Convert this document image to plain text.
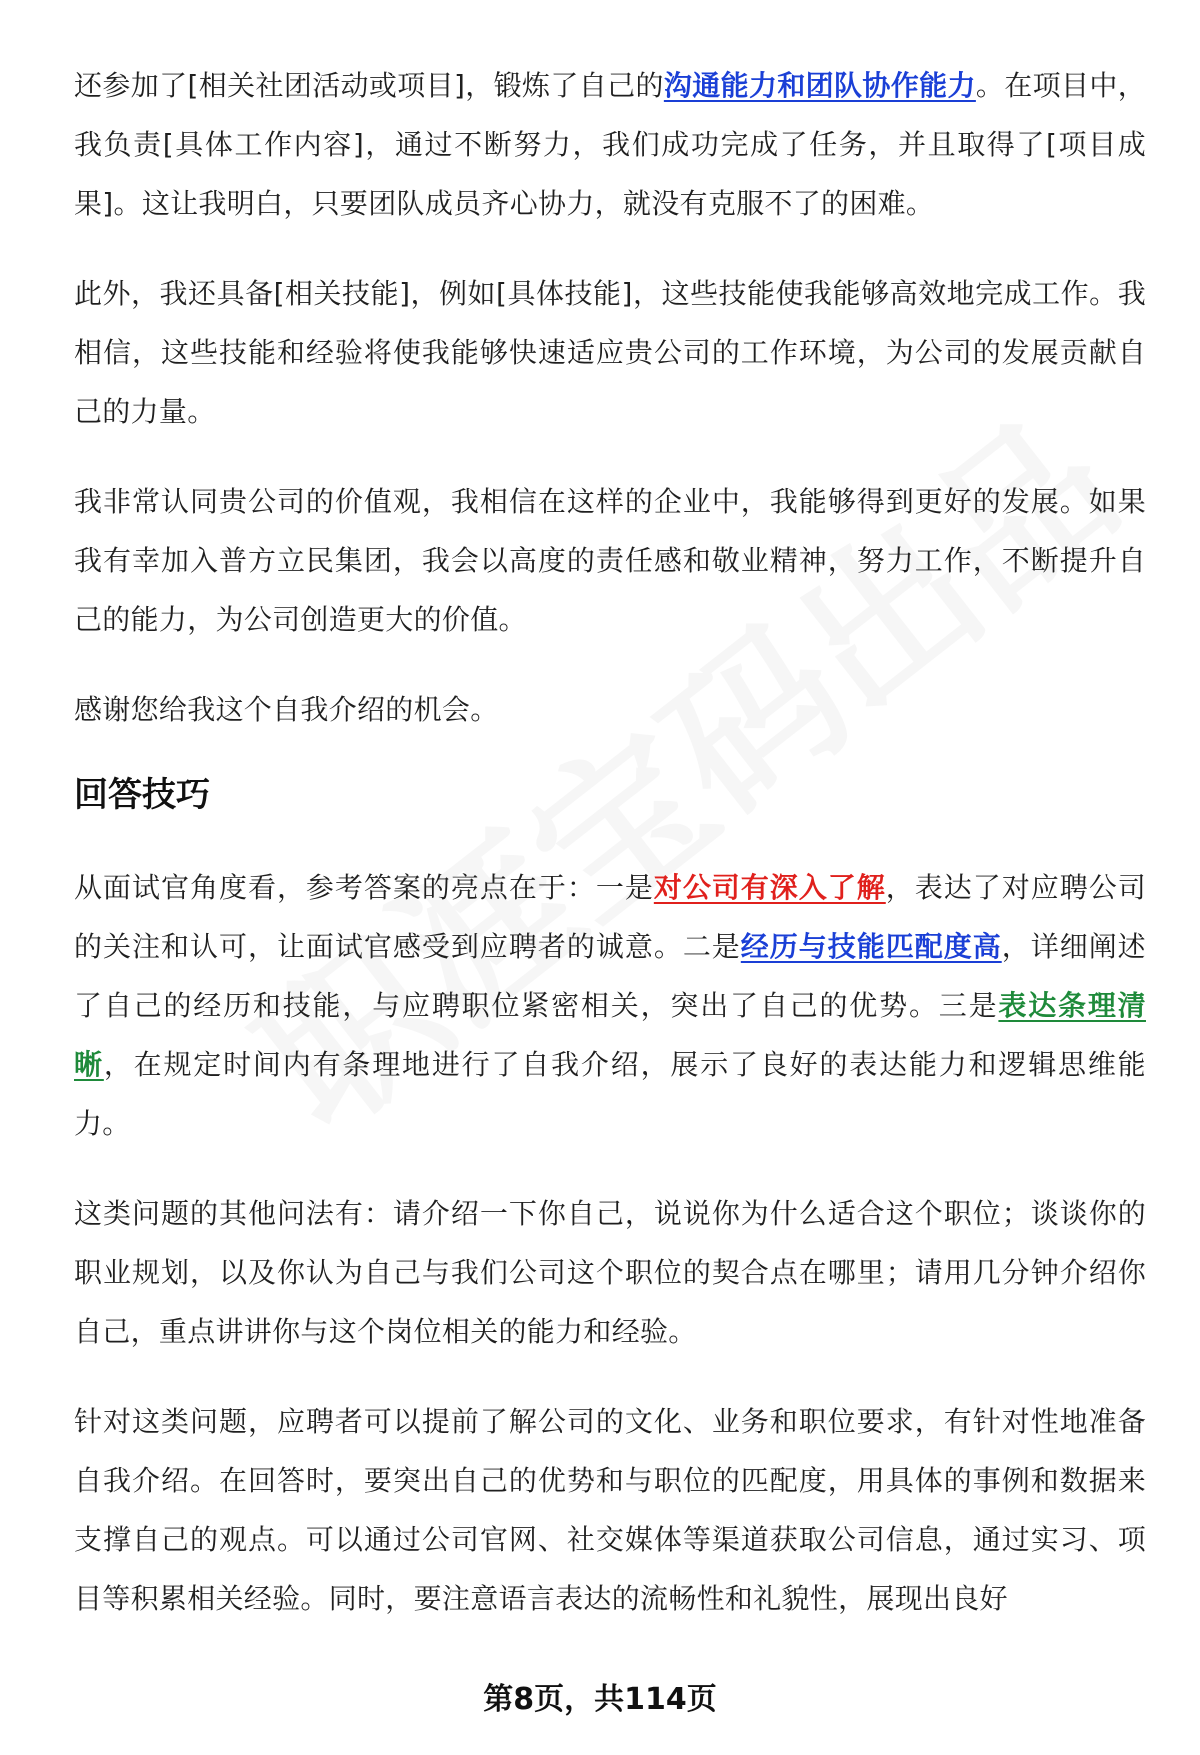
还参加了[相关社团活动或项目]，锻炼了自己的沟通能力和团队协作能力。在项目中，我负责[具体工作内容]，通过不断努力，我们成功完成了任务，并且取得了[项目成果]。这让我明白，只要团队成员齐心协力，就没有克服不了的困难。
此外，我还具备[相关技能]，例如[具体技能]，这些技能使我能够高效地完成工作。我相信，这些技能和经验将使我能够快速适应贵公司的工作环境，为公司的发展贡献自己的力量。
我非常认同贵公司的价值观，我相信在这样的企业中，我能够得到更好的发展。如果我有幸加入普方立民集团，我会以高度的责任感和敬业精神，努力工作，不断提升自己的能力，为公司创造更大的价值。
感谢您给我这个自我介绍的机会。
回答技巧
从面试官角度看，参考答案的亮点在于：一是对公司有深入了解，表达了对应聘公司的关注和认可，让面试官感受到应聘者的诚意。二是经历与技能匹配度高，详细阐述了自己的经历和技能，与应聘职位紧密相关，突出了自己的优势。三是表达条理清晰，在规定时间内有条理地进行了自我介绍，展示了良好的表达能力和逻辑思维能力。
这类问题的其他问法有：请介绍一下你自己，说说你为什么适合这个职位；谈谈你的职业规划，以及你认为自己与我们公司这个职位的契合点在哪里；请用几分钟介绍你自己，重点讲讲你与这个岗位相关的能力和经验。
针对这类问题，应聘者可以提前了解公司的文化、业务和职位要求，有针对性地准备自我介绍。在回答时，要突出自己的优势和与职位的匹配度，用具体的事例和数据来支撑自己的观点。可以通过公司官网、社交媒体等渠道获取公司信息，通过实习、项目等积累相关经验。同时，要注意语言表达的流畅性和礼貌性，展现出良好
第8页，共114页
